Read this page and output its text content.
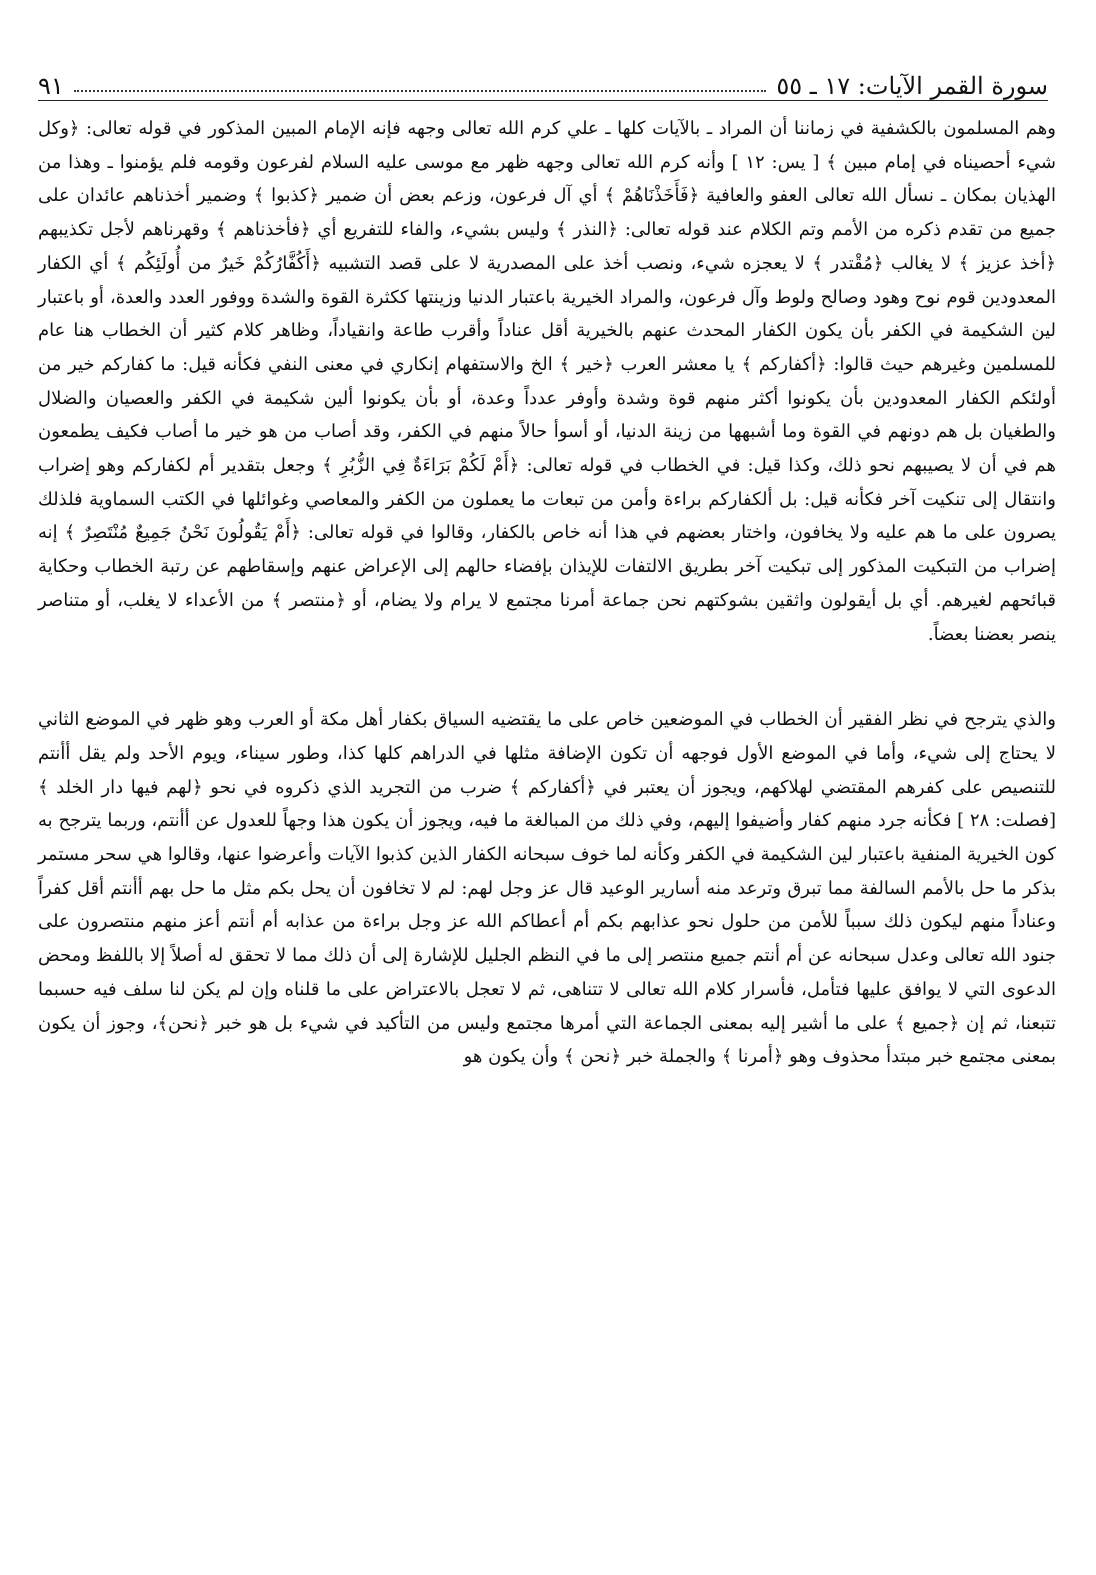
سورة القمر الآيات: ١٧ ـ ٥٥
٩١

وهم المسلمون بالكشفية في زماننا أن المراد ـ بالآيات كلها ـ علي كرم الله تعالى وجهه فإنه الإمام المبين المذكور في قوله تعالى: ﴿وكل شيء أحصيناه في إمام مبين ﴾ [ يس: ١٢ ] وأنه كرم الله تعالى وجهه ظهر مع موسى عليه السلام لفرعون وقومه فلم يؤمنوا ـ وهذا من الهذيان بمكان ـ نسأل الله تعالى العفو والعافية ﴿فَأَخَذْنَاهُمْ ﴾ أي آل فرعون، وزعم بعض أن ضمير ﴿كذبوا ﴾ وضمير أخذناهم عائدان على جميع من تقدم ذكره من الأمم وتم الكلام عند قوله تعالى: ﴿النذر ﴾ وليس بشيء، والفاء للتفريع أي ﴿فأخذناهم ﴾ وقهرناهم لأجل تكذيبهم ﴿أخذ عزيز ﴾ لا يغالب ﴿مُقْتدر ﴾ لا يعجزه شيء، ونصب أخذ على المصدرية لا على قصد التشبيه ﴿أَكُفَّارُكُمْ خَيرٌ من أُولَئِكُم ﴾ أي الكفار المعدودين قوم نوح وهود وصالح ولوط وآل فرعون، والمراد الخيرية باعتبار الدنيا وزينتها ككثرة القوة والشدة ووفور العدد والعدة، أو باعتبار لين الشكيمة في الكفر بأن يكون الكفار المحدث عنهم بالخيرية أقل عناداً وأقرب طاعة وانقياداً، وظاهر كلام كثير أن الخطاب هنا عام للمسلمين وغيرهم حيث قالوا: ﴿أكفاركم ﴾ يا معشر العرب ﴿خير ﴾ الخ والاستفهام إنكاري في معنى النفي فكأنه قيل: ما كفاركم خير من أولئكم الكفار المعدودين بأن يكونوا أكثر منهم قوة وشدة وأوفر عدداً وعدة، أو بأن يكونوا ألين شكيمة في الكفر والعصيان والضلال والطغيان بل هم دونهم في القوة وما أشبهها من زينة الدنيا، أو أسوأ حالاً منهم في الكفر، وقد أصاب من هو خير ما أصاب فكيف يطمعون هم في أن لا يصيبهم نحو ذلك، وكذا قيل: في الخطاب في قوله تعالى: ﴿أَمْ لَكُمْ بَرَاءَةٌ فِي الزُّبُرِ ﴾ وجعل بتقدير أم لكفاركم وهو إضراب وانتقال إلى تنكيت آخر فكأنه قيل: بل ألكفاركم براءة وأمن من تبعات ما يعملون من الكفر والمعاصي وغوائلها في الكتب السماوية فلذلك يصرون على ما هم عليه ولا يخافون، واختار بعضهم في هذا أنه خاص بالكفار، وقالوا في قوله تعالى: ﴿أَمْ يَقُولُونَ نَحْنُ جَمِيعٌ مُنْتَصِرٌ ﴾ إنه إضراب من التبكيت المذكور إلى تبكيت آخر بطريق الالتفات للإيذان بإفضاء حالهم إلى الإعراض عنهم وإسقاطهم عن رتبة الخطاب وحكاية قبائحهم لغيرهم. أي بل أيقولون واثقين بشوكتهم نحن جماعة أمرنا مجتمع لا يرام ولا يضام، أو ﴿منتصر ﴾ من الأعداء لا يغلب، أو متناصر ينصر بعضنا بعضاً.

والذي يترجح في نظر الفقير أن الخطاب في الموضعين خاص على ما يقتضيه السياق بكفار أهل مكة أو العرب وهو ظهر في الموضع الثاني لا يحتاج إلى شيء، وأما في الموضع الأول فوجهه أن تكون الإضافة مثلها في الدراهم كلها كذا، وطور سيناء، ويوم الأحد ولم يقل أأنتم للتنصيص على كفرهم المقتضي لهلاكهم، ويجوز أن يعتبر في ﴿أكفاركم ﴾ ضرب من التجريد الذي ذكروه في نحو ﴿لهم فيها دار الخلد ﴾ [فصلت: ٢٨ ] فكأنه جرد منهم كفار وأضيفوا إليهم، وفي ذلك من المبالغة ما فيه، ويجوز أن يكون هذا وجهاً للعدول عن أأنتم، وربما يترجح به كون الخيرية المنفية باعتبار لين الشكيمة في الكفر وكأنه لما خوف سبحانه الكفار الذين كذبوا الآيات وأعرضوا عنها، وقالوا هي سحر مستمر بذكر ما حل بالأمم السالفة مما تبرق وترعد منه أسارير الوعيد قال عز وجل لهم: لم لا تخافون أن يحل بكم مثل ما حل بهم أأنتم أقل كفراً وعناداً منهم ليكون ذلك سبباً للأمن من حلول نحو عذابهم بكم أم أعطاكم الله عز وجل براءة من عذابه أم أنتم أعز منهم منتصرون على جنود الله تعالى وعدل سبحانه عن أم أنتم جميع منتصر إلى ما في النظم الجليل للإشارة إلى أن ذلك مما لا تحقق له أصلاً إلا باللفظ ومحض الدعوى التي لا يوافق عليها فتأمل، فأسرار كلام الله تعالى لا تتناهى، ثم لا تعجل بالاعتراض على ما قلناه وإن لم يكن لنا سلف فيه حسبما تتبعنا، ثم إن ﴿جميع ﴾ على ما أشير إليه بمعنى الجماعة التي أمرها مجتمع وليس من التأكيد في شيء بل هو خبر ﴿نحن﴾، وجوز أن يكون بمعنى مجتمع خبر مبتدأ محذوف وهو ﴿أمرنا ﴾ والجملة خبر ﴿نحن ﴾ وأن يكون هو
